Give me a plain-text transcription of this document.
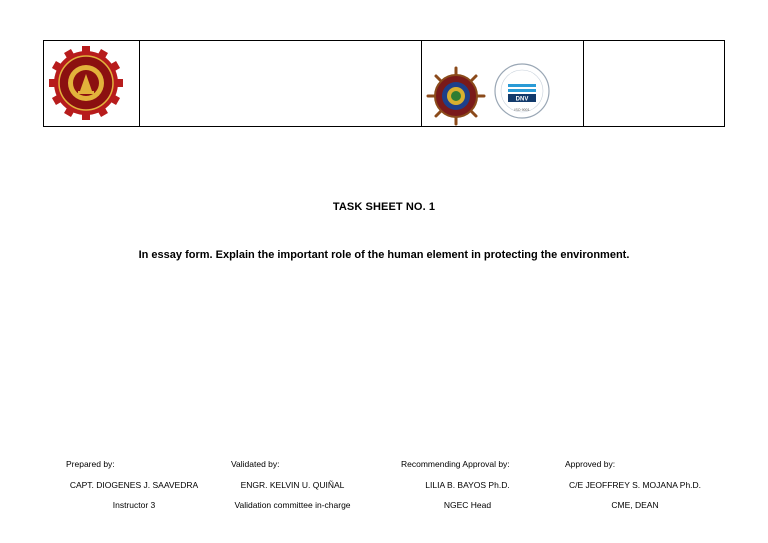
DNV
ISO 9001
TASK SHEET NO. 1
In essay form. Explain the important role of the human element in protecting the environment.
Prepared by:
CAPT. DIOGENES J. SAAVEDRA
Instructor 3
Validated by:
ENGR. KELVIN U. QUIÑAL
Validation committee in-charge
Recommending Approval by:
LILIA B. BAYOS Ph.D.
NGEC Head
Approved by:
C/E JEOFFREY S. MOJANA Ph.D.
CME, DEAN
